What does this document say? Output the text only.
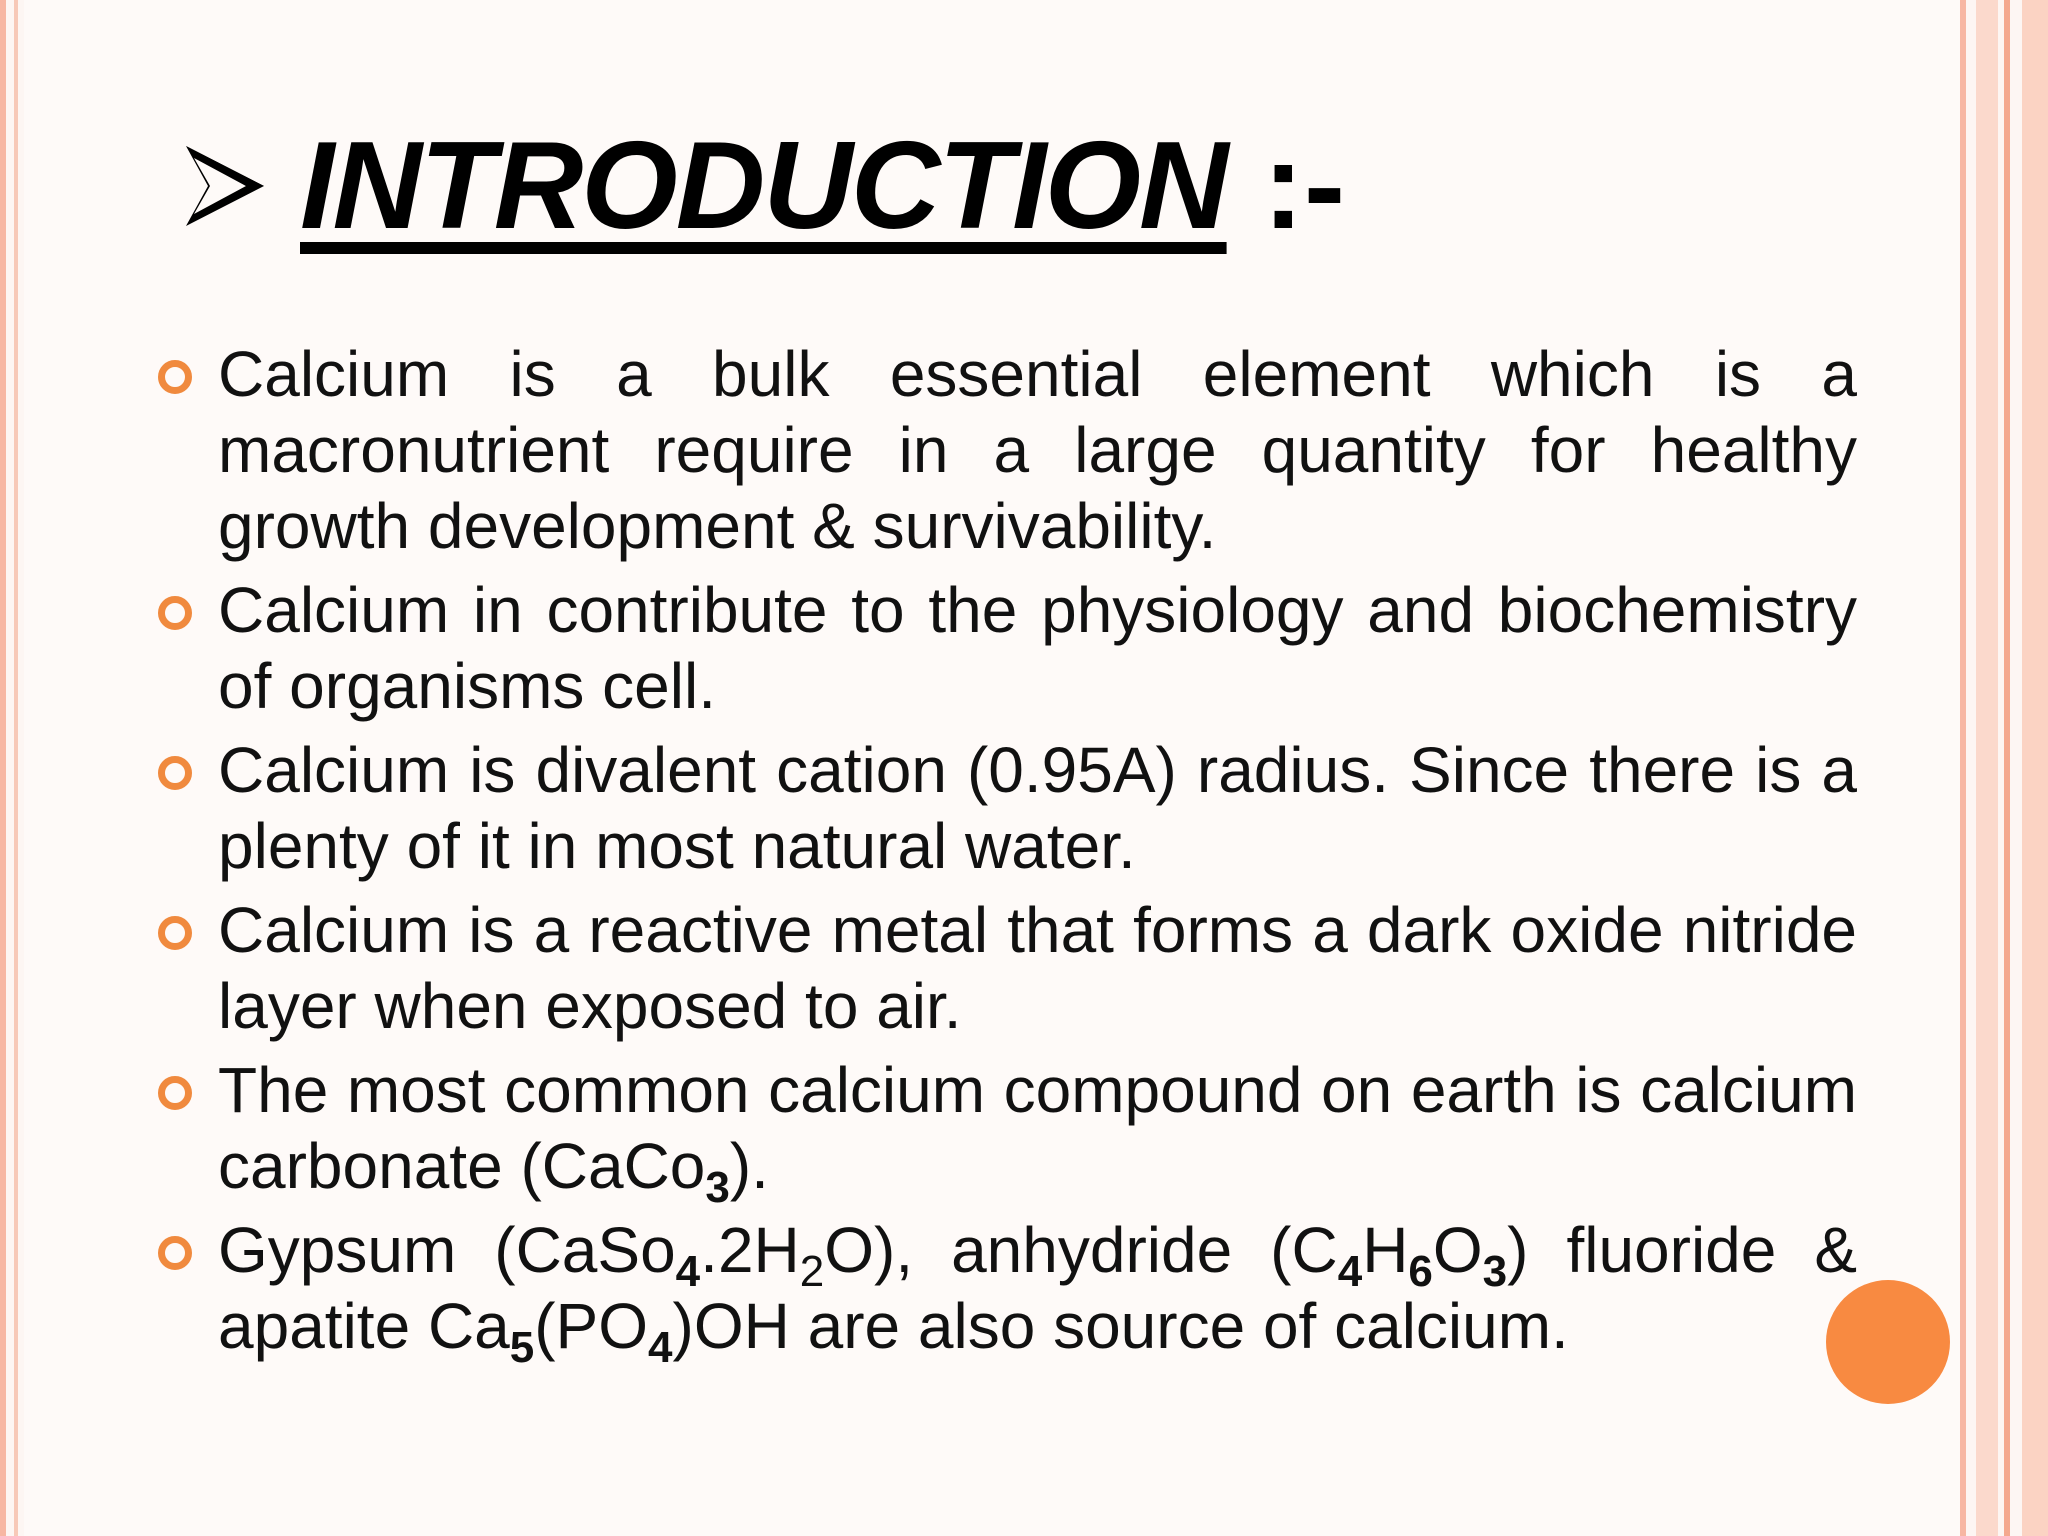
INTRODUCTION :-
Calcium is a bulk essential element which is a macronutrient require in a large quantity for healthy growth development & survivability.
Calcium in contribute to the physiology and biochemistry of organisms cell.
Calcium is divalent cation (0.95A) radius. Since there is a plenty of it in most natural water.
Calcium is a reactive metal that forms a dark oxide nitride layer when exposed to air.
The most common calcium compound on earth is calcium carbonate (CaCo$_3$).
Gypsum $(CaSo_4.2H_2O)$, anhydride $(C_4H_6O_3)$ fluoride & apatite $Ca_5(PO_4)OH$ are also source of calcium.
